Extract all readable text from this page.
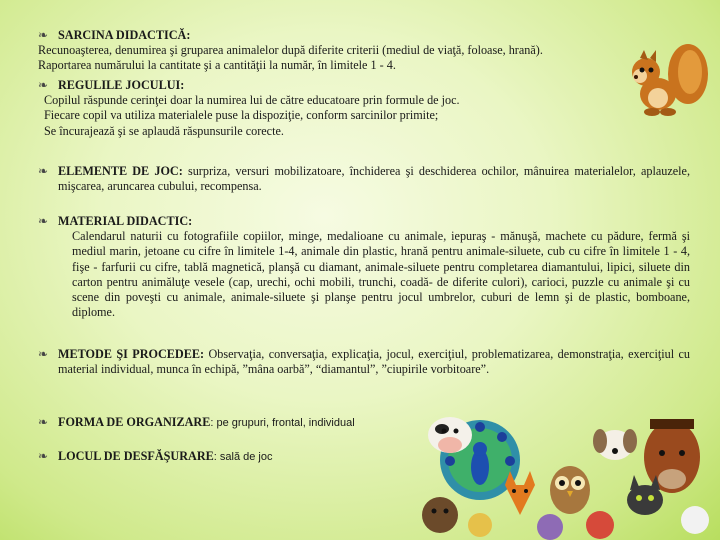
❧ SARCINA DIDACTICĂ:
Recunoaşterea, denumirea şi gruparea animalelor după diferite criterii (mediul de viaţă, foloase, hrană).
Raportarea numărului la cantitate şi a cantităţii la număr, în limitele 1 - 4.
❧ REGULILE JOCULUI:
Copilul răspunde cerinţei doar la numirea lui de către educatoare prin formule de joc.
Fiecare copil va utiliza materialele puse la dispoziţie, conform sarcinilor primite;
Se încurajează şi se aplaudă răspunsurile corecte.
❧ ELEMENTE DE JOC: surpriza, versuri mobilizatoare, închiderea şi deschiderea ochilor, mânuirea materialelor, aplauzele, mişcarea, aruncarea cubului, recompensa.
❧ MATERIAL DIDACTIC:
Calendarul naturii cu fotografiile copiilor, minge, medalioane cu animale, iepuraş - mănuşă, machete cu pădure, fermă şi mediul marin, jetoane cu cifre în limitele 1-4, animale din plastic, hrană pentru animale-siluete, cub cu cifre în limitele 1 - 4, fişe - farfurii cu cifre, tablă magnetică, planşă cu diamant, animale-siluete pentru completarea diamantului, lipici, siluete din carton pentru animăluţe vesele (cap, urechi, ochi mobili, trunchi, coadă- de diferite culori), carioci, puzzle cu animale şi cu scene din poveşti cu animale, animale-siluete şi planşe pentru jocul umbrelor, cuburi de lemn şi de plastic, bomboane, diplome.
❧ METODE ŞI PROCEDEE: Observaţia, conversaţia, explicaţia, jocul, exerciţiul, problematizarea, demonstraţia, exerciţiul cu material individual, munca în echipă, ”mâna oarbă”, “diamantul”, ”ciupirile vorbitoare”.
❧ FORMA DE ORGANIZARE: pe grupuri, frontal, individual
❧ LOCUL DE DESFĂŞURARE: sală de joc
